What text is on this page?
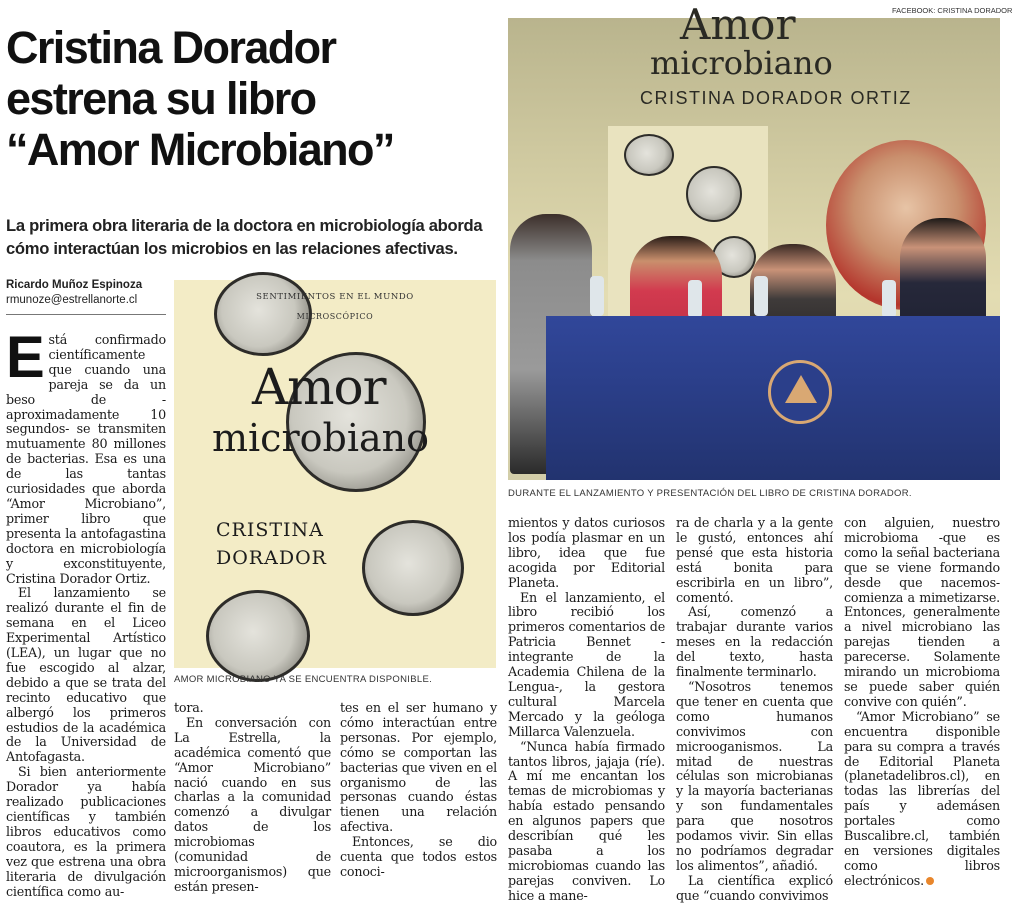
Cristina Dorador
estrena su libro
“Amor Microbiano”
La primera obra literaria de la doctora en microbiología aborda
cómo interactúan los microbios en las relaciones afectivas.
Ricardo Muñoz Espinoza
rmunoze@estrellanorte.cl

Está confirmado científicamente que cuando una pareja se da un beso de -aproximadamente 10 segundos- se transmiten mutuamente 80 millones de bacterias. Esa es una de las tantas curiosidades que aborda “Amor Microbiano”, primer libro que presenta la antofagastina doctora en microbiología y exconstituyente, Cristina Dorador Ortiz.

El lanzamiento se realizó durante el fin de semana en el Liceo Experimental Artístico (LEA), un lugar que no fue escogido al alzar, debido a que se trata del recinto educativo que albergó los primeros estudios de la académica de la Universidad de Antofagasta.

Si bien anteriormente Dorador ya había realizado publicaciones científicas y también libros educativos como coautora, es la primera vez que estrena una obra literaria de divulgación científica como au-

SENTIMIENTOS EN EL MUNDO
MICROSCÓPICO
Amor
microbiano
CRISTINA
DORADOR
AMOR MICROBIANO YA SE ENCUENTRA DISPONIBLE.
FACEBOOK: CRISTINA DORADOR
Amor
microbiano
CRISTINA DORADOR ORTIZ
DURANTE EL LANZAMIENTO Y PRESENTACIÓN DEL LIBRO DE CRISTINA DORADOR.

tora.

En conversación con La Estrella, la académica comentó que “Amor Microbiano” nació cuando en sus charlas a la comunidad comenzó a divulgar datos de los microbiomas (comunidad de microorganismos) que están presen-

tes en el ser humano y cómo interactúan entre personas. Por ejemplo, cómo se comportan las bacterias que viven en el organismo de las personas cuando éstas tienen una relación afectiva.

Entonces, se dio cuenta que todos estos conoci-

mientos y datos curiosos los podía plasmar en un libro, idea que fue acogida por Editorial Planeta.

En el lanzamiento, el libro recibió los primeros comentarios de Patricia Bennet -integrante de la Academia Chilena de la Lengua-, la gestora cultural Marcela Mercado y la geóloga Millarca Valenzuela.

“Nunca había firmado tantos libros, jajaja (ríe). A mí me encantan los temas de microbiomas y había estado pensando en algunos papers que describían qué les pasaba a los microbiomas cuando las parejas conviven. Lo hice a mane-

ra de charla y a la gente le gustó, entonces ahí pensé que esta historia está bonita para escribirla en un libro”, comentó.

Así, comenzó a trabajar durante varios meses en la redacción del texto, hasta finalmente terminarlo.

“Nosotros tenemos que tener en cuenta que como humanos convivimos con microoganismos. La mitad de nuestras células son microbianas y la mayoría bacterianas y son fundamentales para que nosotros podamos vivir. Sin ellas no podríamos degradar los alimentos”, añadió.

La científica explicó que “cuando convivimos

con alguien, nuestro microbioma -que es como la señal bacteriana que se viene formando desde que nacemos- comienza a mimetizarse. Entonces, generalmente a nivel microbiano las parejas tienden a parecerse. Solamente mirando un microbioma se puede saber quién convive con quién”.

“Amor Microbiano” se encuentra disponible para su compra a través de Editorial Planeta (planetadelibros.cl), en todas las librerías del país y ademásen portales como Buscalibre.cl, también en versiones digitales como libros electrónicos.
